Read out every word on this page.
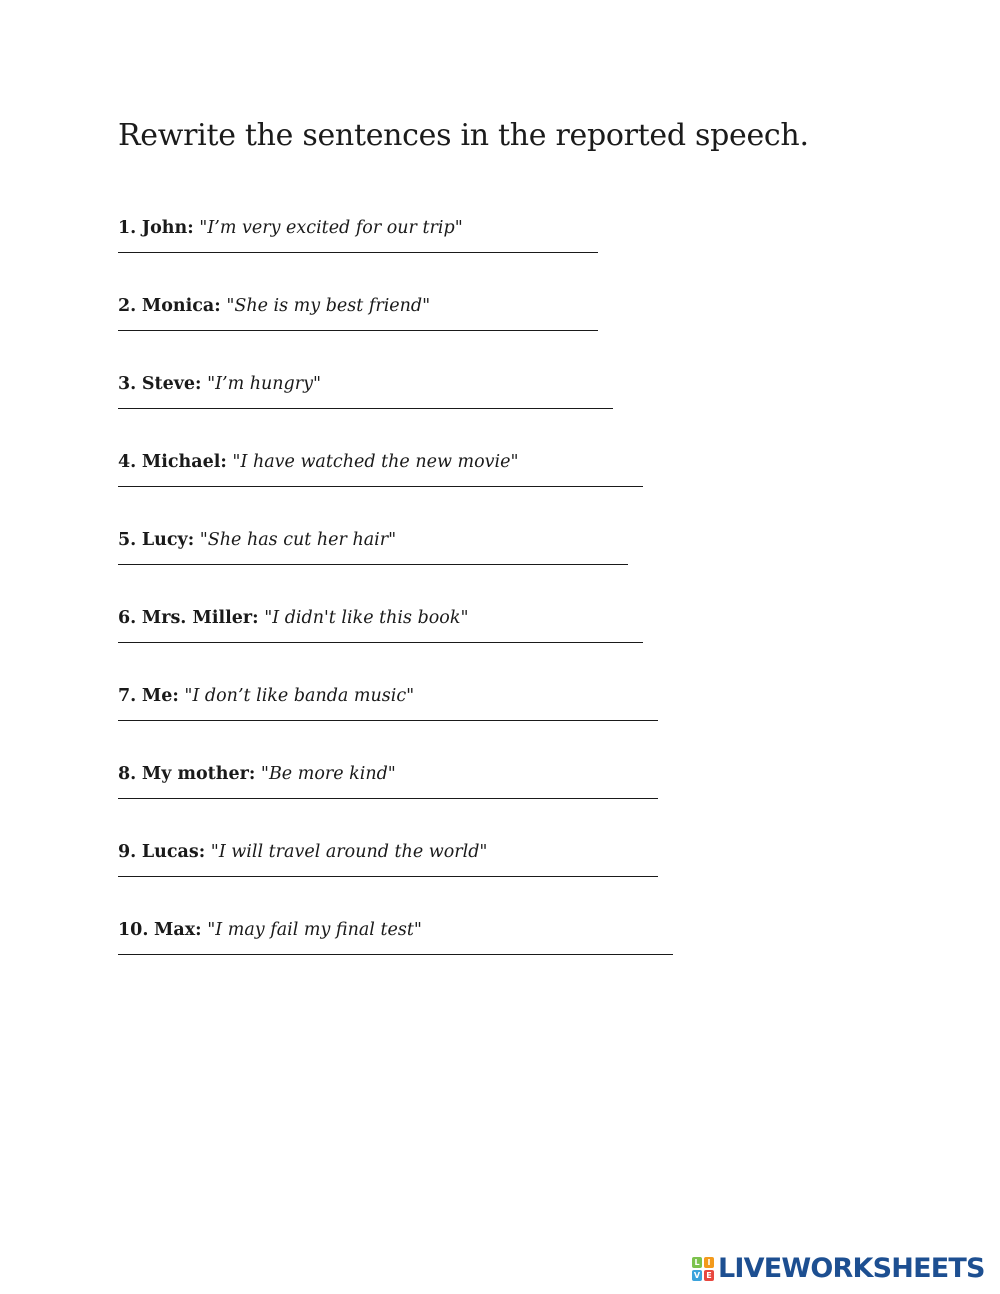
Rewrite the sentences in the reported speech.
1. John: "I’m very excited for our trip"
2. Monica: "She is my best friend"
3. Steve: "I’m hungry"
4. Michael: "I have watched the new movie"
5. Lucy: "She has cut her hair"
6. Mrs. Miller: "I didn't like this book"
7. Me: "I don’t like banda music"
8. My mother: "Be more kind"
9. Lucas: "I will travel around the world"
10. Max: "I may fail my final test"
L I
V E LIVEWORKSHEETS
